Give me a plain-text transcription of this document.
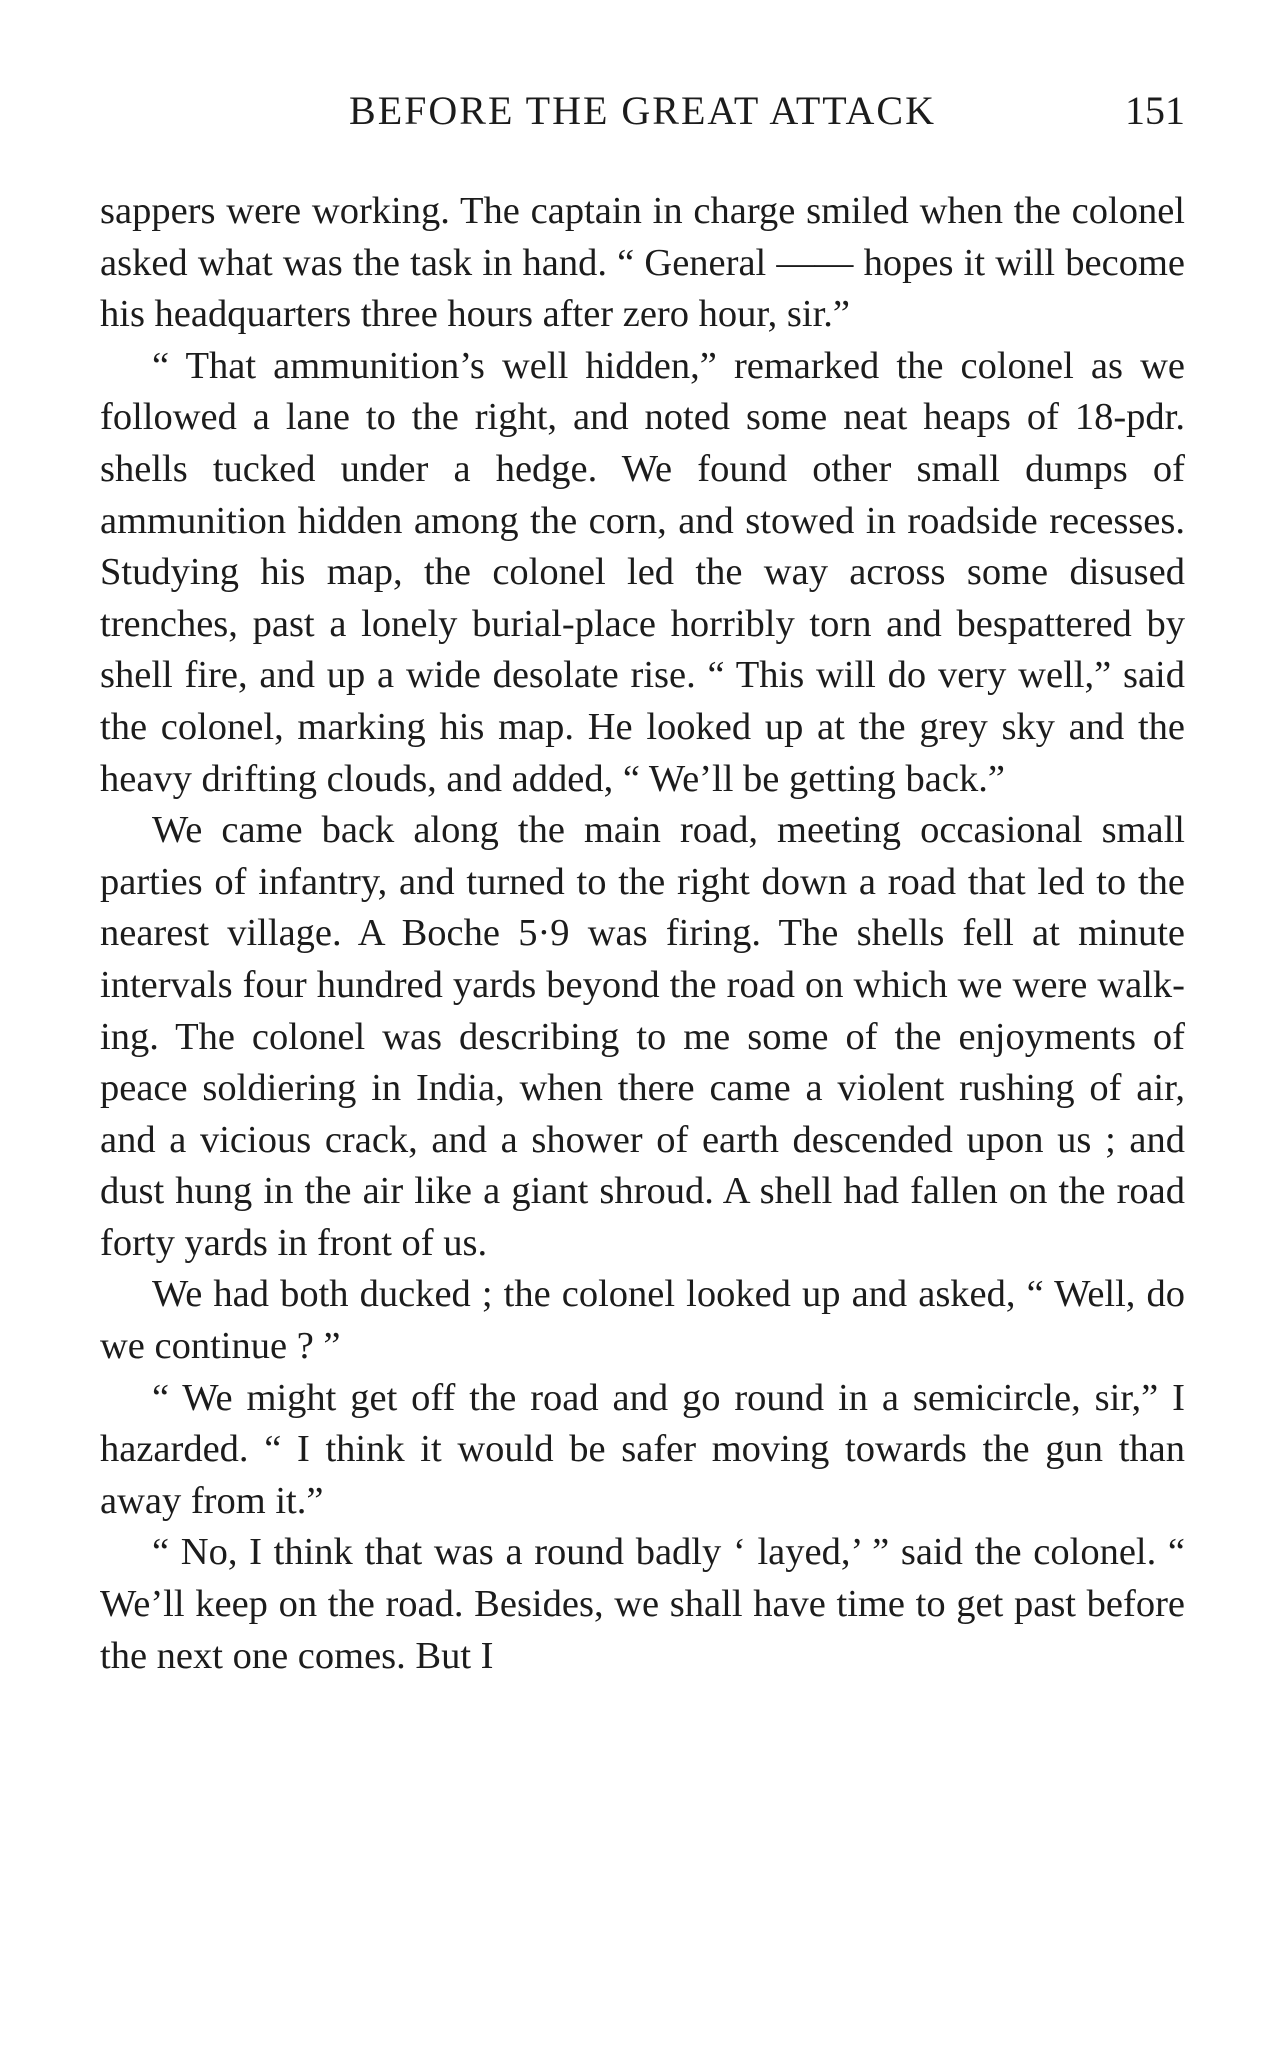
BEFORE THE GREAT ATTACK	151

sappers were working. The captain in charge smiled when the colonel asked what was the task in hand. “ General —— hopes it will become his headquarters three hours after zero hour, sir.”

“ That ammunition’s well hidden,” remarked the colonel as we followed a lane to the right, and noted some neat heaps of 18-pdr. shells tucked under a hedge. We found other small dumps of ammunition hidden among the corn, and stowed in roadside recesses. Studying his map, the colonel led the way across some disused trenches, past a lonely burial-place horribly torn and bespattered by shell fire, and up a wide desolate rise. “ This will do very well,” said the colonel, marking his map. He looked up at the grey sky and the heavy drifting clouds, and added, “ We’ll be getting back.”

We came back along the main road, meeting occasional small parties of infantry, and turned to the right down a road that led to the nearest village. A Boche 5·9 was firing. The shells fell at minute intervals four hundred yards beyond the road on which we were walking. The colonel was describing to me some of the enjoyments of peace soldiering in India, when there came a violent rushing of air, and a vicious crack, and a shower of earth descended upon us ; and dust hung in the air like a giant shroud. A shell had fallen on the road forty yards in front of us.

We had both ducked ; the colonel looked up and asked, “ Well, do we continue ? ”

“ We might get off the road and go round in a semicircle, sir,” I hazarded. “ I think it would be safer moving towards the gun than away from it.”

“ No, I think that was a round badly ‘ layed,’ ” said the colonel. “ We’ll keep on the road. Besides, we shall have time to get past before the next one comes. But I
